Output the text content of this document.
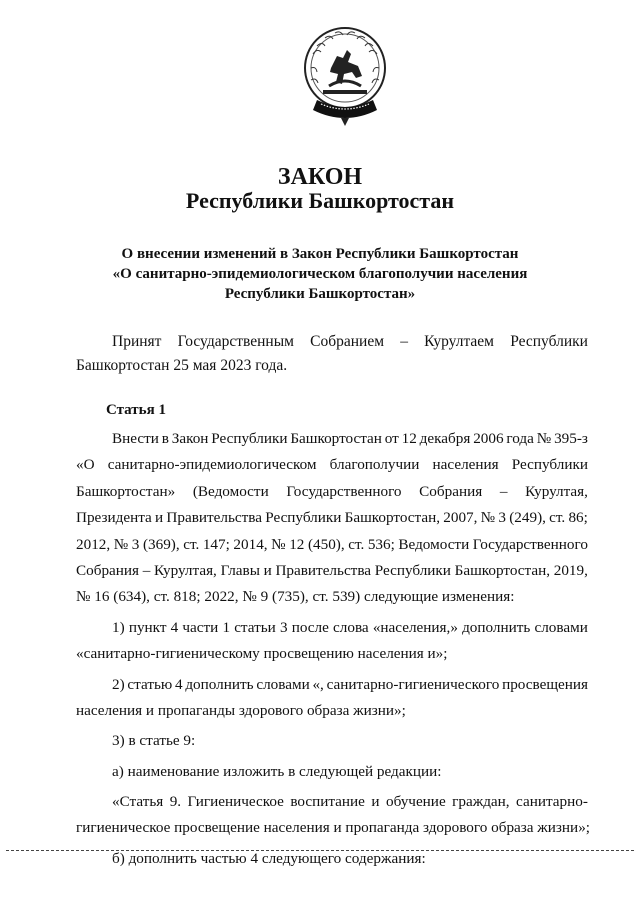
ЗАКОН
Республики Башкортостан
О внесении изменений в Закон Республики Башкортостан
«О санитарно-эпидемиологическом благополучии населения
Республики Башкортостан»
Принят Государственным Собранием – Курултаем Республики
Башкортостан 25 мая 2023 года.
Статья 1
Внести в Закон Республики Башкортостан от 12 декабря 2006 года № 395-з
«О санитарно-эпидемиологическом благополучии населения Республики
Башкортостан» (Ведомости Государственного Собрания – Курултая,
Президента и Правительства Республики Башкортостан, 2007, № 3 (249), ст. 86;
2012, № 3 (369), ст. 147; 2014, № 12 (450), ст. 536; Ведомости Государственного
Собрания – Курултая, Главы и Правительства Республики Башкортостан, 2019,
№ 16 (634), ст. 818; 2022, № 9 (735), ст. 539) следующие изменения:
1) пункт 4 части 1 статьи 3 после слова «населения,» дополнить словами
«санитарно-гигиеническому просвещению населения и»;
2) статью 4 дополнить словами «, санитарно-гигиенического просвещения
населения и пропаганды здорового образа жизни»;
3) в статье 9:
а) наименование изложить в следующей редакции:
«Статья 9. Гигиеническое воспитание и обучение граждан, санитарно-
гигиеническое просвещение населения и пропаганда здорового образа жизни»;
б) дополнить частью 4 следующего содержания:
